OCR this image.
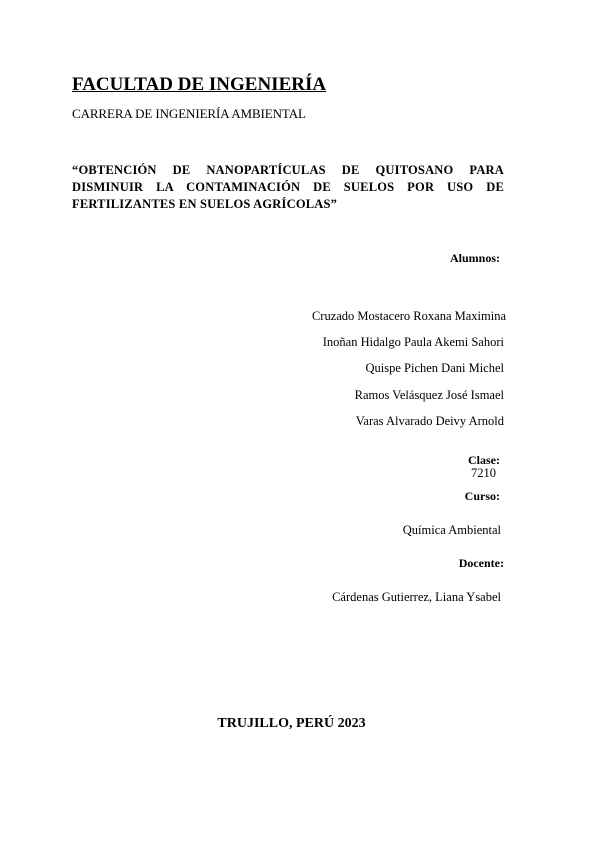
FACULTAD DE INGENIERÍA
CARRERA DE INGENIERÍA AMBIENTAL
“OBTENCIÓN DE NANOPARTÍCULAS DE QUITOSANO PARA DISMINUIR LA CONTAMINACIÓN DE SUELOS POR USO DE FERTILIZANTES EN SUELOS AGRÍCOLAS”
Alumnos:
Cruzado Mostacero Roxana Maximina
Inoñan Hidalgo Paula Akemi Sahori
Quispe Pichen Dani Michel
Ramos Velásquez José Ismael
Varas Alvarado Deivy Arnold
Clase:
7210
Curso:
Química Ambiental
Docente:
Cárdenas Gutierrez, Liana Ysabel
TRUJILLO, PERÚ 2023
